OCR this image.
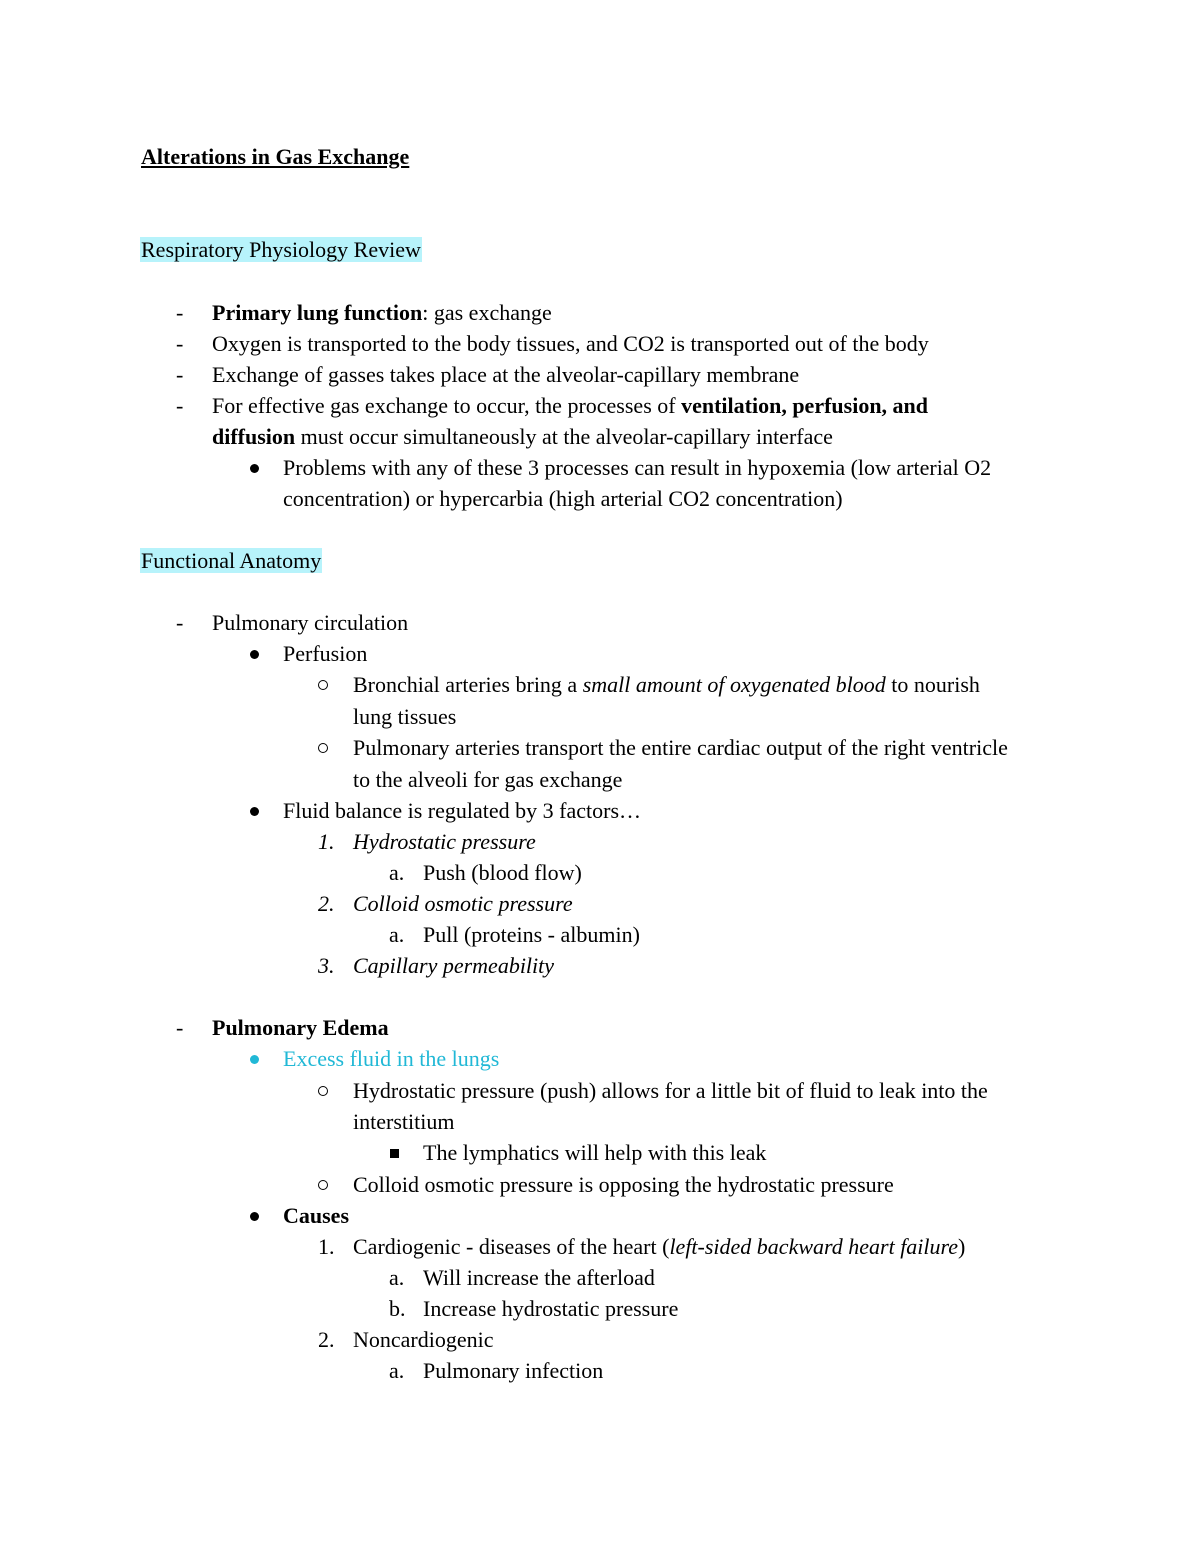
Alterations in Gas Exchange
Respiratory Physiology Review
- Primary lung function: gas exchange
- Oxygen is transported to the body tissues, and CO2 is transported out of the body
- Exchange of gasses takes place at the alveolar-capillary membrane
- For effective gas exchange to occur, the processes of ventilation, perfusion, and
diffusion must occur simultaneously at the alveolar-capillary interface
Problems with any of these 3 processes can result in hypoxemia (low arterial O2
concentration) or hypercarbia (high arterial CO2 concentration)
Functional Anatomy
- Pulmonary circulation
Perfusion
Bronchial arteries bring a small amount of oxygenated blood to nourish
lung tissues
Pulmonary arteries transport the entire cardiac output of the right ventricle
to the alveoli for gas exchange
Fluid balance is regulated by 3 factors…
1. Hydrostatic pressure
a. Push (blood flow)
2. Colloid osmotic pressure
a. Pull (proteins - albumin)
3. Capillary permeability
- Pulmonary Edema
Excess fluid in the lungs
Hydrostatic pressure (push) allows for a little bit of fluid to leak into the
interstitium
The lymphatics will help with this leak
Colloid osmotic pressure is opposing the hydrostatic pressure
Causes
1. Cardiogenic - diseases of the heart (left-sided backward heart failure)
a. Will increase the afterload
b. Increase hydrostatic pressure
2. Noncardiogenic
a. Pulmonary infection
